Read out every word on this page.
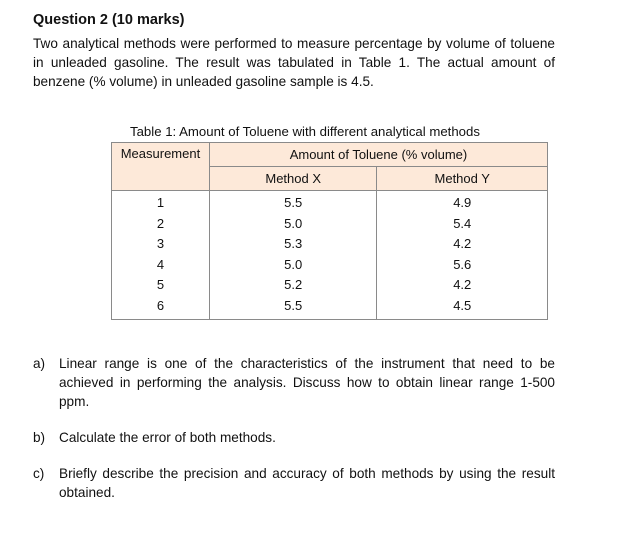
Question 2 (10 marks)
Two analytical methods were performed to measure percentage by volume of toluene in unleaded gasoline. The result was tabulated in Table 1. The actual amount of benzene (% volume) in unleaded gasoline sample is 4.5.
Table 1: Amount of Toluene with different analytical methods
Measurement	Amount of Toluene (% volume)	
	Method X	Method Y
1	5.5	4.9
2	5.0	5.4
3	5.3	4.2
4	5.0	5.6
5	5.2	4.2
6	5.5	4.5
a) Linear range is one of the characteristics of the instrument that need to be achieved in performing the analysis. Discuss how to obtain linear range 1-500 ppm.
b) Calculate the error of both methods.
c) Briefly describe the precision and accuracy of both methods by using the result obtained.
